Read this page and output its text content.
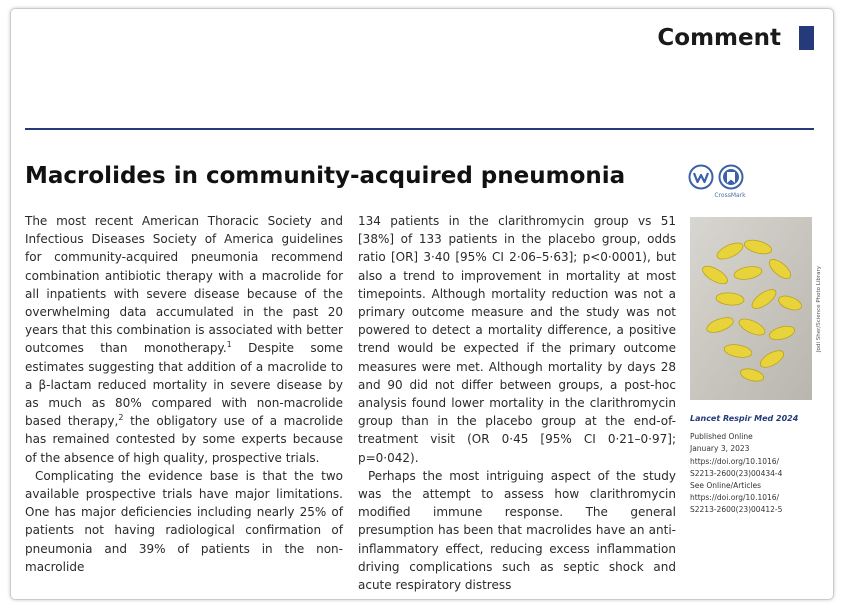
Comment
Macrolides in community-acquired pneumonia

The most recent American Thoracic Society and Infectious Diseases Society of America guidelines for community-acquired pneumonia recommend combination antibiotic therapy with a macrolide for all inpatients with severe disease because of the overwhelming data accumulated in the past 20 years that this combination is associated with better outcomes than monotherapy.$^1$ Despite some estimates suggesting that addition of a macrolide to a β-lactam reduced mortality in severe disease by as much as 80% compared with non-macrolide based therapy,$^2$ the obligatory use of a macrolide has remained contested by some experts because of the absence of high quality, prospective trials.

Complicating the evidence base is that the two available prospective trials have major limitations. One has major deficiencies including nearly 25% of patients not having radiological confirmation of pneumonia and 39% of patients in the non-macrolide

134 patients in the clarithromycin group vs 51 [38%] of 133 patients in the placebo group, odds ratio [OR] 3·40 [95% CI 2·06–5·63]; p<0·0001), but also a trend to improvement in mortality at most timepoints. Although mortality reduction was not a primary outcome measure and the study was not powered to detect a mortality difference, a positive trend would be expected if the primary outcome measures were met. Although mortality by days 28 and 90 did not differ between groups, a post-hoc analysis found lower mortality in the clarithromycin group than in the placebo group at the end-of-treatment visit (OR 0·45 [95% CI 0·21–0·97]; p=0·042).

Perhaps the most intriguing aspect of the study was the attempt to assess how clarithromycin modified immune response. The general presumption has been that macrolides have an anti-inflammatory effect, reducing excess inflammation driving complications such as septic shock and acute respiratory distress

CrossMark
Jodi Sher/Science Photo Library
Lancet Respir Med 2024
Published Online
January 3, 2023
https://doi.org/10.1016/
S2213-2600(23)00434-4
See Online/Articles
https://doi.org/10.1016/
S2213-2600(23)00412-5
